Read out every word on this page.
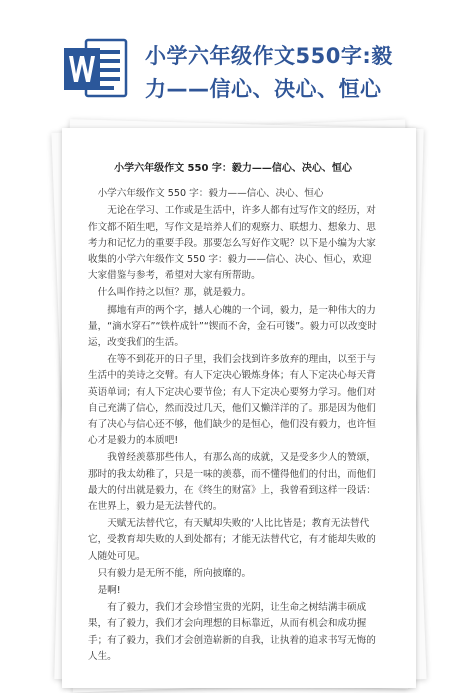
小学六年级作文550字:毅
力——信心、决心、恒心
小学六年级作文 550 字：毅力——信心、决心、恒心

小学六年级作文 550 字：毅力——信心、决心、恒心

无论在学习、工作或是生活中，许多人都有过写作文的经历，对作文都不陌生吧，写作文是培养人们的观察力、联想力、想象力、思考力和记忆力的重要手段。那要怎么写好作文呢？以下是小编为大家收集的小学六年级作文 550 字：毅力——信心、决心、恒心，欢迎大家借鉴与参考，希望对大家有所帮助。

什么叫作持之以恒？那，就是毅力。

掷地有声的两个字，撼人心魄的一个词，毅力，是一种伟大的力量，“滴水穿石”“铁杵成针”“锲而不舍，金石可镂”。毅力可以改变时运，改变我们的生活。

在等不到花开的日子里，我们会找到许多放弃的理由，以至于与生活中的美诗之交臂。有人下定决心锻炼身体；有人下定决心每天背英语单词；有人下定决心要节俭；有人下定决心要努力学习。他们对自己充满了信心，然而没过几天，他们又懒洋洋的了。那是因为他们有了决心与信心还不够，他们缺少的是恒心，他们没有毅力，也许恒心才是毅力的本质吧!

我曾经羡慕那些伟人，有那么高的成就，又是受多少人的赞颂，那时的我太幼稚了，只是一味的羡慕，而不懂得他们的付出，而他们最大的付出就是毅力，在《终生的财富》上，我曾看到这样一段话：在世界上，毅力是无法替代的。

天赋无法替代它，有天赋却失败的‘人比比皆是；教育无法替代它，受教育却失败的人到处都有；才能无法替代它，有才能却失败的人随处可见。

只有毅力是无所不能，所向披靡的。

是啊!

有了毅力，我们才会珍惜宝贵的光阴，让生命之树结满丰硕成果，有了毅力，我们才会向理想的目标靠近，从而有机会和成功握手；有了毅力，我们才会创造崭新的自我，让执着的追求书写无悔的人生。
